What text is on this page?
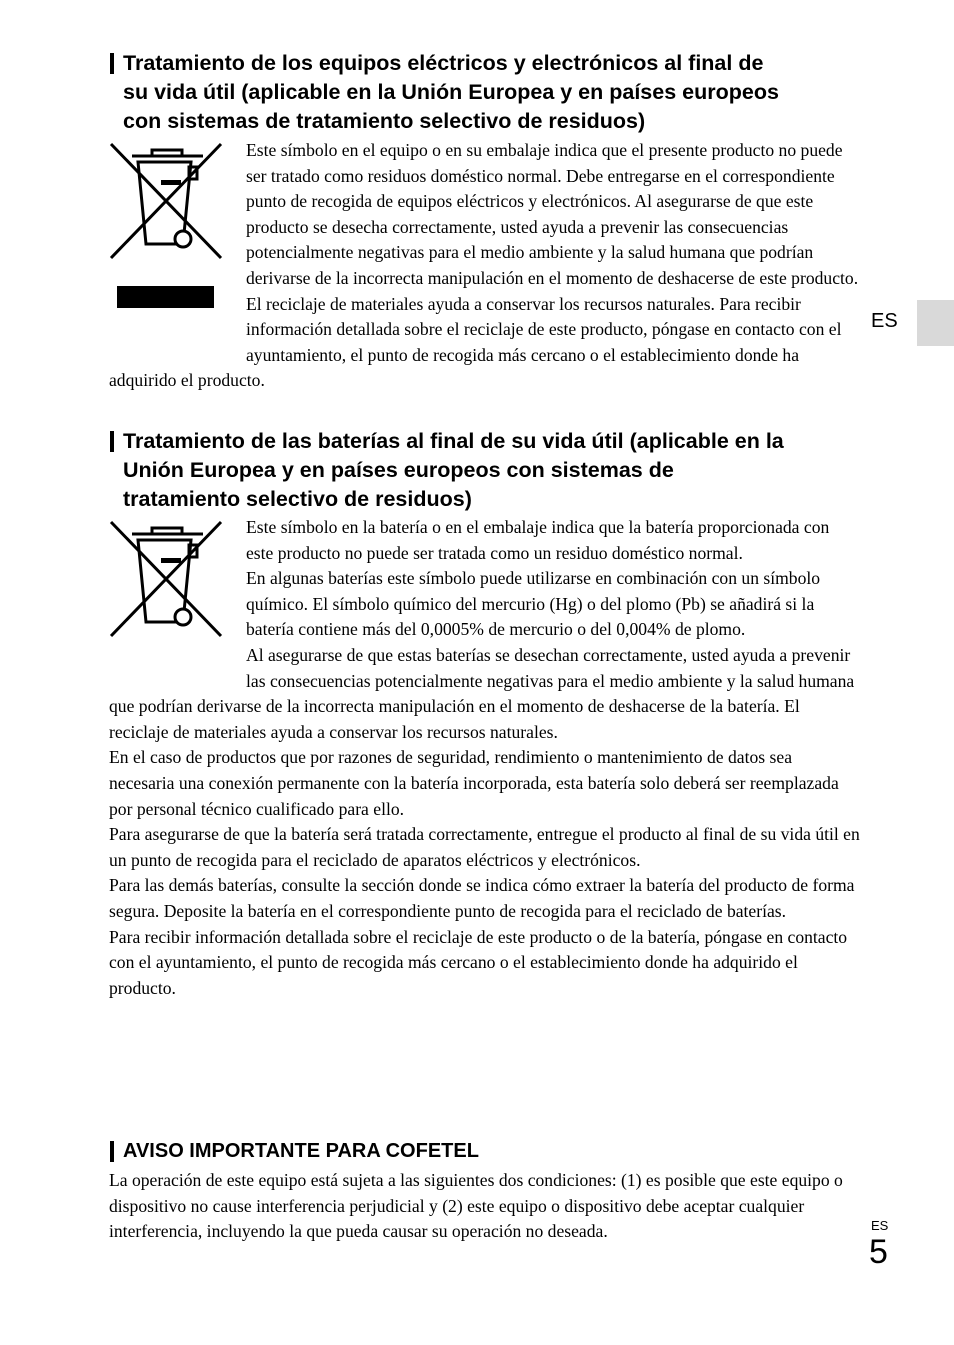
Tratamiento de los equipos eléctricos y electrónicos al final de
su vida útil (aplicable en la Unión Europea y en países europeos
con sistemas de tratamiento selectivo de residuos)

Este símbolo en el equipo o en su embalaje indica que el presente producto no puede ser tratado como residuos doméstico normal. Debe entregarse en el correspondiente punto de recogida de equipos eléctricos y electrónicos. Al asegurarse de que este producto se desecha correctamente, usted ayuda a prevenir las consecuencias potencialmente negativas para el medio ambiente y la salud humana que podrían derivarse de la incorrecta manipulación en el momento de deshacerse de este producto. El reciclaje de materiales ayuda a conservar los recursos naturales. Para recibir información detallada sobre el reciclaje de este producto, póngase en contacto con el ayuntamiento, el punto de recogida más cercano o el establecimiento donde ha adquirido el producto.

Tratamiento de las baterías al final de su vida útil (aplicable en la
Unión Europea y en países europeos con sistemas de
tratamiento selectivo de residuos)

Este símbolo en la batería o en el embalaje indica que la batería proporcionada con este producto no puede ser tratada como un residuo doméstico normal.

En algunas baterías este símbolo puede utilizarse en combinación con un símbolo químico. El símbolo químico del mercurio (Hg) o del plomo (Pb) se añadirá si la batería contiene más del 0,0005% de mercurio o del 0,004% de plomo.

Al asegurarse de que estas baterías se desechan correctamente, usted ayuda a prevenir las consecuencias potencialmente negativas para el medio ambiente y la salud humana que podrían derivarse de la incorrecta manipulación en el momento de deshacerse de la batería. El reciclaje de materiales ayuda a conservar los recursos naturales.

En el caso de productos que por razones de seguridad, rendimiento o mantenimiento de datos sea necesaria una conexión permanente con la batería incorporada, esta batería solo deberá ser reemplazada por personal técnico cualificado para ello.

Para asegurarse de que la batería será tratada correctamente, entregue el producto al final de su vida útil en un punto de recogida para el reciclado de aparatos eléctricos y electrónicos.

Para las demás baterías, consulte la sección donde se indica cómo extraer la batería del producto de forma segura. Deposite la batería en el correspondiente punto de recogida para el reciclado de baterías.

Para recibir información detallada sobre el reciclaje de este producto o de la batería, póngase en contacto con el ayuntamiento, el punto de recogida más cercano o el establecimiento donde ha adquirido el producto.

AVISO IMPORTANTE PARA COFETEL

La operación de este equipo está sujeta a las siguientes dos condiciones: (1) es posible que este equipo o dispositivo no cause interferencia perjudicial y (2) este equipo o dispositivo debe aceptar cualquier interferencia, incluyendo la que pueda causar su operación no deseada.

ES
ES
5
